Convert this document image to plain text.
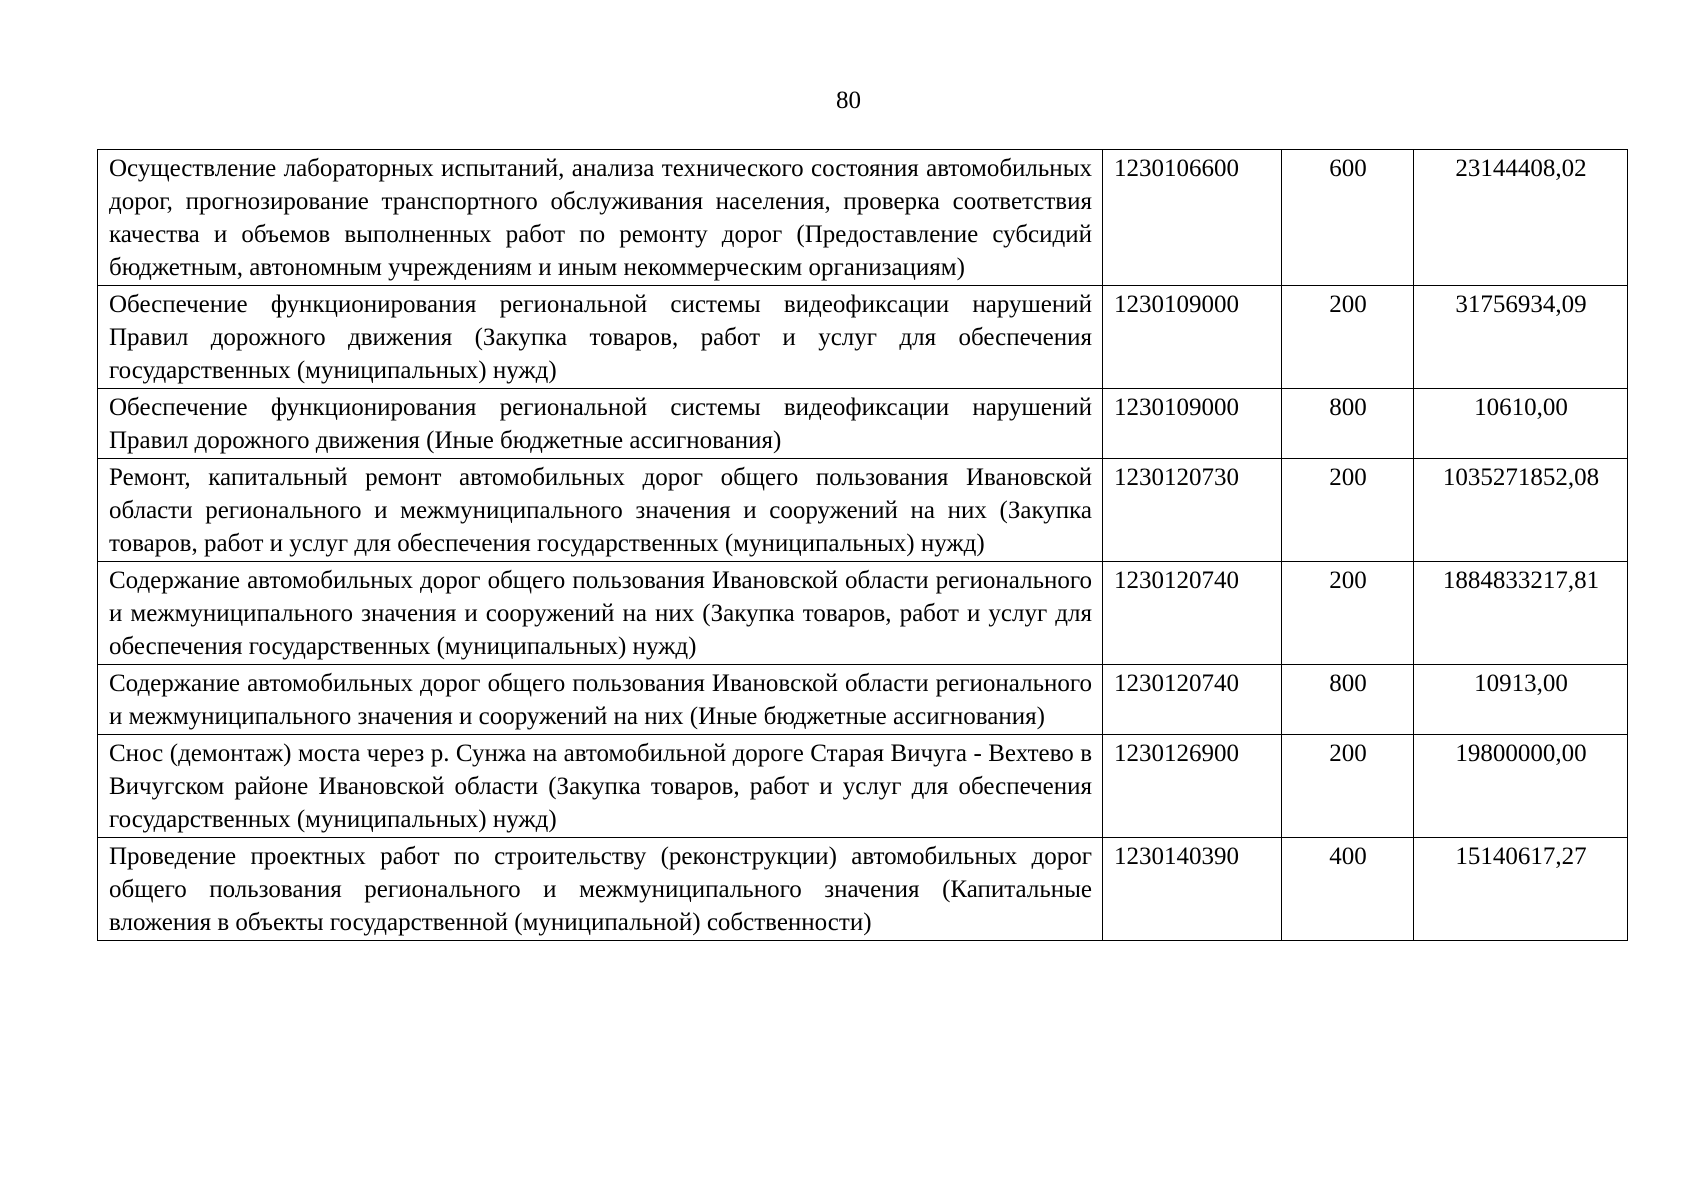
80
Осуществление лабораторных испытаний, анализа технического состояния автомобильных дорог, прогнозирование транспортного обслуживания населения, проверка соответствия качества и объемов выполненных работ по ремонту дорог (Предоставление субсидий бюджетным, автономным учреждениям и иным некоммерческим организациям)	1230106600	600	23144408,02
Обеспечение функционирования региональной системы видеофиксации нарушений Правил дорожного движения (Закупка товаров, работ и услуг для обеспечения государственных (муниципальных) нужд)	1230109000	200	31756934,09
Обеспечение функционирования региональной системы видеофиксации нарушений Правил дорожного движения (Иные бюджетные ассигнования)	1230109000	800	10610,00
Ремонт, капитальный ремонт автомобильных дорог общего пользования Ивановской области регионального и межмуниципального значения и сооружений на них (Закупка товаров, работ и услуг для обеспечения государственных (муниципальных) нужд)	1230120730	200	1035271852,08
Содержание автомобильных дорог общего пользования Ивановской области регионального и межмуниципального значения и сооружений на них (Закупка товаров, работ и услуг для обеспечения государственных (муниципальных) нужд)	1230120740	200	1884833217,81
Содержание автомобильных дорог общего пользования Ивановской области регионального и межмуниципального значения и сооружений на них (Иные бюджетные ассигнования)	1230120740	800	10913,00
Снос (демонтаж) моста через р. Сунжа на автомобильной дороге Старая Вичуга - Вехтево в Вичугском районе Ивановской области (Закупка товаров, работ и услуг для обеспечения государственных (муниципальных) нужд)	1230126900	200	19800000,00
Проведение проектных работ по строительству (реконструкции) автомобильных дорог общего пользования регионального и межмуниципального значения (Капитальные вложения в объекты государственной (муниципальной) собственности)	1230140390	400	15140617,27
